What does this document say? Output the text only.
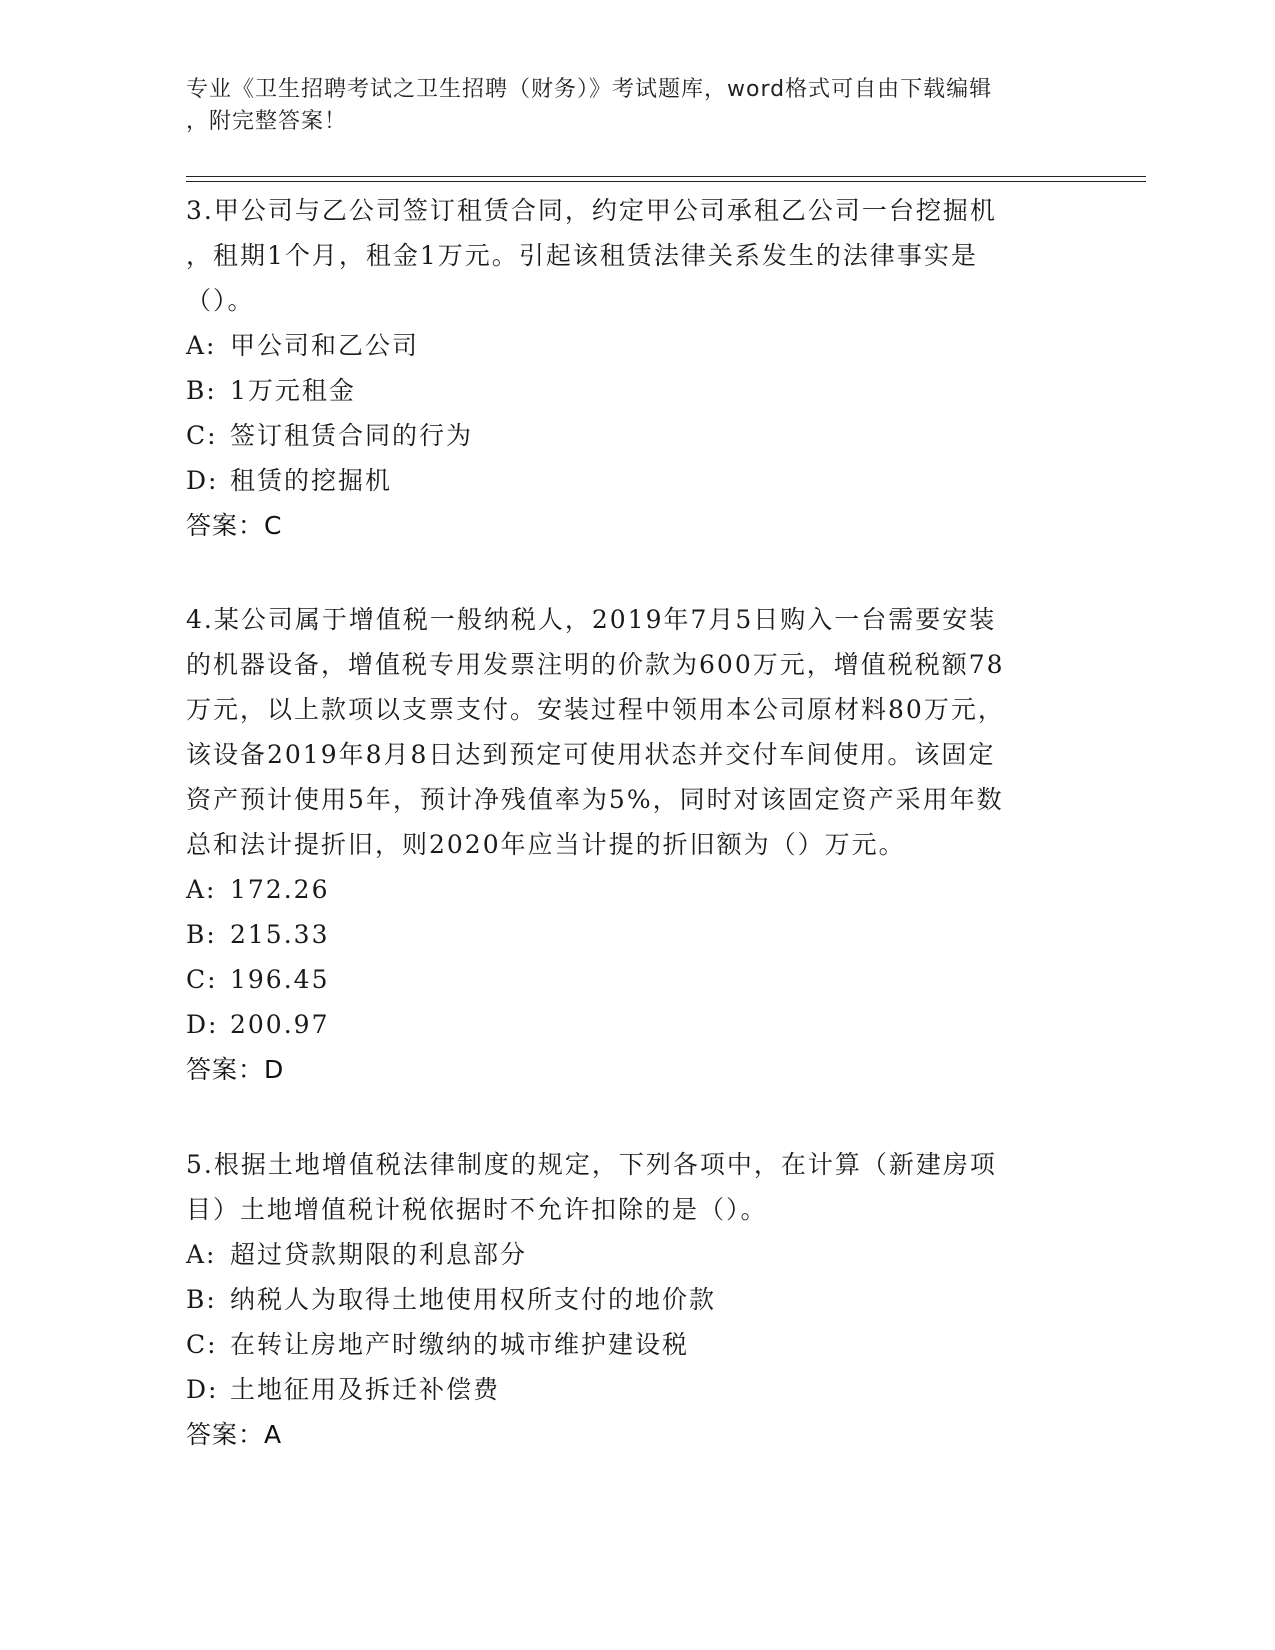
专业《卫生招聘考试之卫生招聘（财务）》考试题库，word格式可自由下载编辑
，附完整答案！

3.甲公司与乙公司签订租赁合同，约定甲公司承租乙公司一台挖掘机

，租期1个月，租金1万元。引起该租赁法律关系发生的法律事实是

（）。

A: 甲公司和乙公司

B: 1万元租金

C: 签订租赁合同的行为

D: 租赁的挖掘机

答案：C

4.某公司属于增值税一般纳税人，2019年7月5日购入一台需要安装

的机器设备，增值税专用发票注明的价款为600万元，增值税税额78

万元，以上款项以支票支付。安装过程中领用本公司原材料80万元，

该设备2019年8月8日达到预定可使用状态并交付车间使用。该固定

资产预计使用5年，预计净残值率为5%，同时对该固定资产采用年数

总和法计提折旧，则2020年应当计提的折旧额为（）万元。

A: 172.26

B: 215.33

C: 196.45

D: 200.97

答案：D

5.根据土地增值税法律制度的规定，下列各项中，在计算（新建房项

目）土地增值税计税依据时不允许扣除的是（）。

A: 超过贷款期限的利息部分

B: 纳税人为取得土地使用权所支付的地价款

C: 在转让房地产时缴纳的城市维护建设税

D: 土地征用及拆迁补偿费

答案：A
